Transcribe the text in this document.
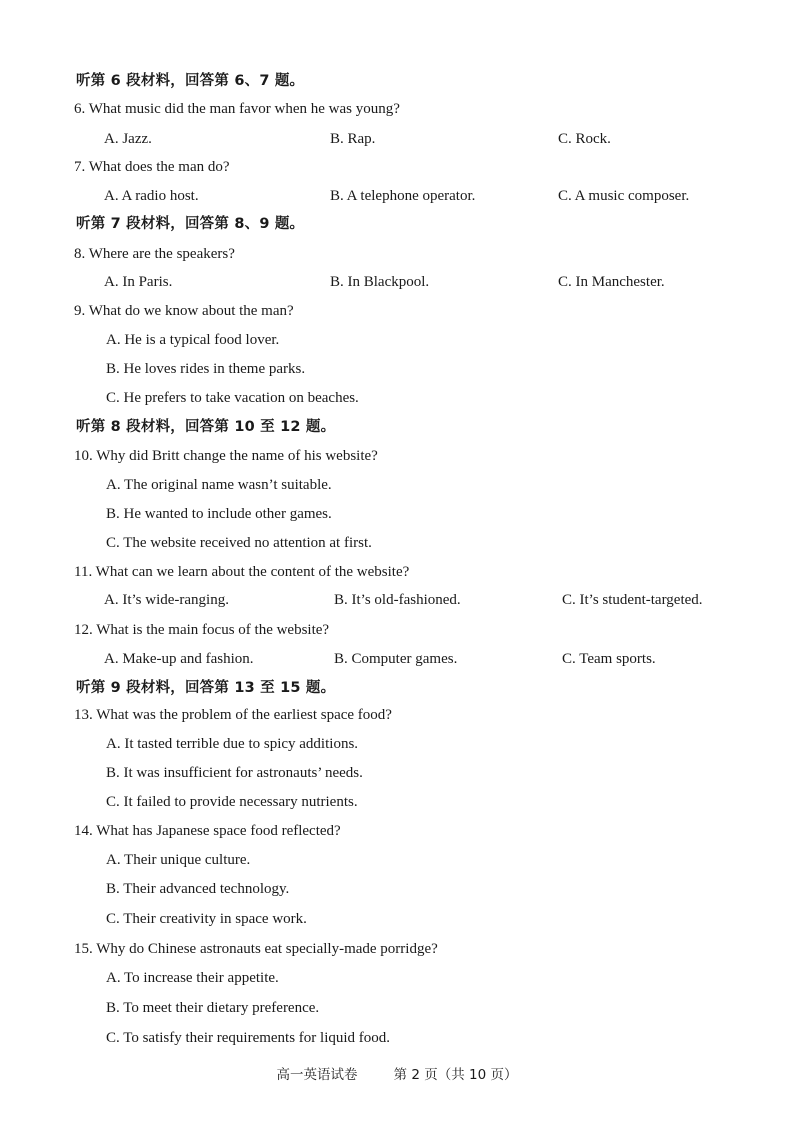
听第 6 段材料，回答第 6、7 题。
6. What music did the man favor when he was young?
A. Jazz.	B. Rap.	C. Rock.
7. What does the man do?
A. A radio host.	B. A telephone operator.	C. A music composer.
听第 7 段材料，回答第 8、9 题。
8. Where are the speakers?
A. In Paris.	B. In Blackpool.	C. In Manchester.
9. What do we know about the man?
A. He is a typical food lover.
B. He loves rides in theme parks.
C. He prefers to take vacation on beaches.
听第 8 段材料，回答第 10 至 12 题。
10. Why did Britt change the name of his website?
A. The original name wasn’t suitable.
B. He wanted to include other games.
C. The website received no attention at first.
11. What can we learn about the content of the website?
A. It’s wide-ranging.	B. It’s old-fashioned.	C. It’s student-targeted.
12. What is the main focus of the website?
A. Make-up and fashion.	B. Computer games.	C. Team sports.
听第 9 段材料，回答第 13 至 15 题。
13. What was the problem of the earliest space food?
A. It tasted terrible due to spicy additions.
B. It was insufficient for astronauts’ needs.
C. It failed to provide necessary nutrients.
14. What has Japanese space food reflected?
A. Their unique culture.
B. Their advanced technology.
C. Their creativity in space work.
15. Why do Chinese astronauts eat specially-made porridge?
A. To increase their appetite.
B. To meet their dietary preference.
C. To satisfy their requirements for liquid food.
高一英语试卷	第 2 页（共 10 页）
